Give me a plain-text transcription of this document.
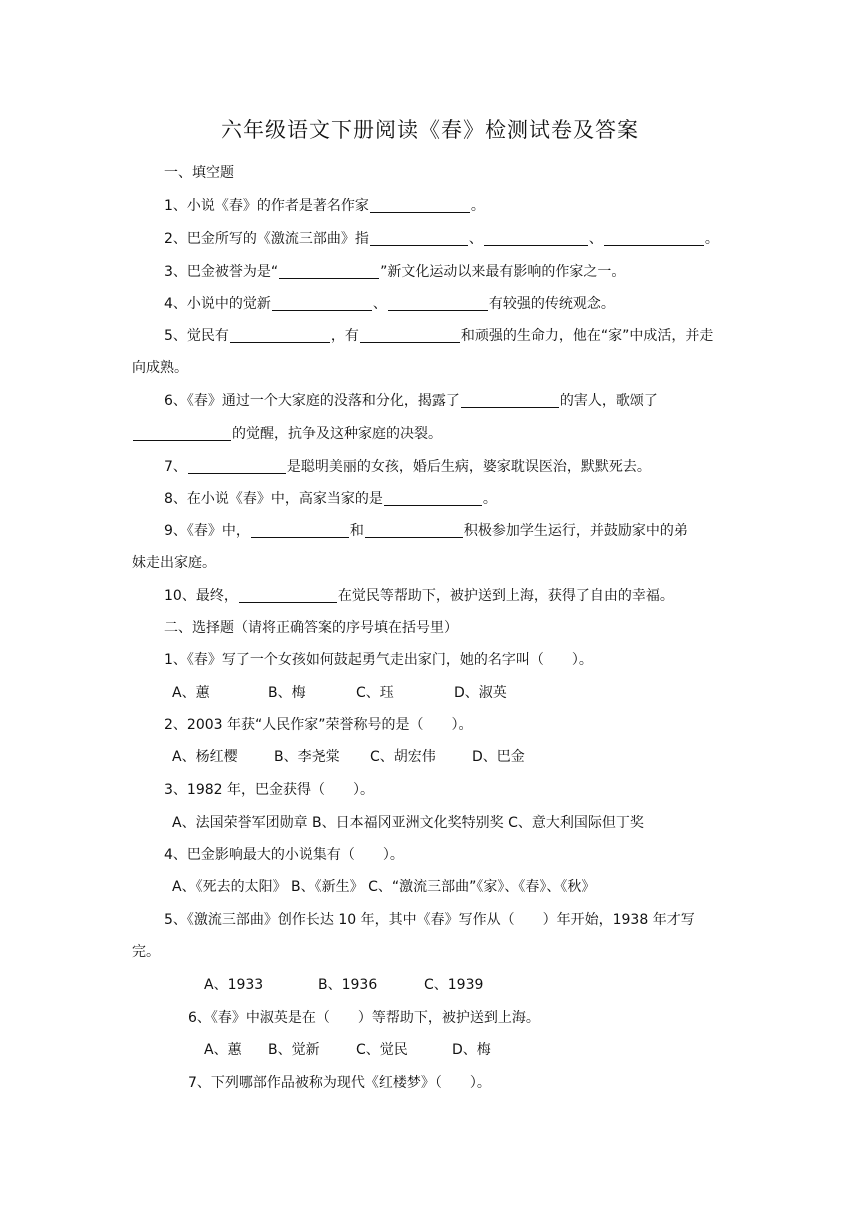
六年级语文下册阅读《春》检测试卷及答案
一、填空题
1、小说《春》的作者是著名作家	。
2、巴金所写的《激流三部曲》指	、	、	。
3、巴金被誉为是“	”新文化运动以来最有影响的作家之一。
4、小说中的觉新	、	有较强的传统观念。
5、觉民有	，有	和顽强的生命力，他在“家”中成活，并走
向成熟。
6、《春》通过一个大家庭的没落和分化，揭露了	的害人，歌颂了
的觉醒，抗争及这种家庭的决裂。
7、	是聪明美丽的女孩，婚后生病，婆家耽误医治，默默死去。
8、在小说《春》中，高家当家的是	。
9、《春》中，	和	积极参加学生运行，并鼓励家中的弟
妹走出家庭。
10、最终，	在觉民等帮助下，被护送到上海，获得了自由的幸福。
二、选择题（请将正确答案的序号填在括号里）
1、《春》写了一个女孩如何鼓起勇气走出家门，她的名字叫（　　）。
A、蕙	B、梅	C、珏	D、淑英
2、2003 年获“人民作家”荣誉称号的是（　　）。
A、杨红樱	B、李尧棠 C、胡宏伟	D、巴金
3、1982 年，巴金获得（　　）。
A、法国荣誉军团勋章 B、日本福冈亚洲文化奖特别奖 C、意大利国际但丁奖
4、巴金影响最大的小说集有（　　）。
A、《死去的太阳》 B、《新生》 C、“激流三部曲”《家》、《春》、《秋》
5、《激流三部曲》创作长达 10 年，其中《春》写作从（　　）年开始，1938 年才写
完。
A、1933	B、1936	C、1939
6、《春》中淑英是在（　　）等帮助下，被护送到上海。
A、蕙 B、觉新	C、觉民	D、梅
7、下列哪部作品被称为现代《红楼梦》（　　）。
